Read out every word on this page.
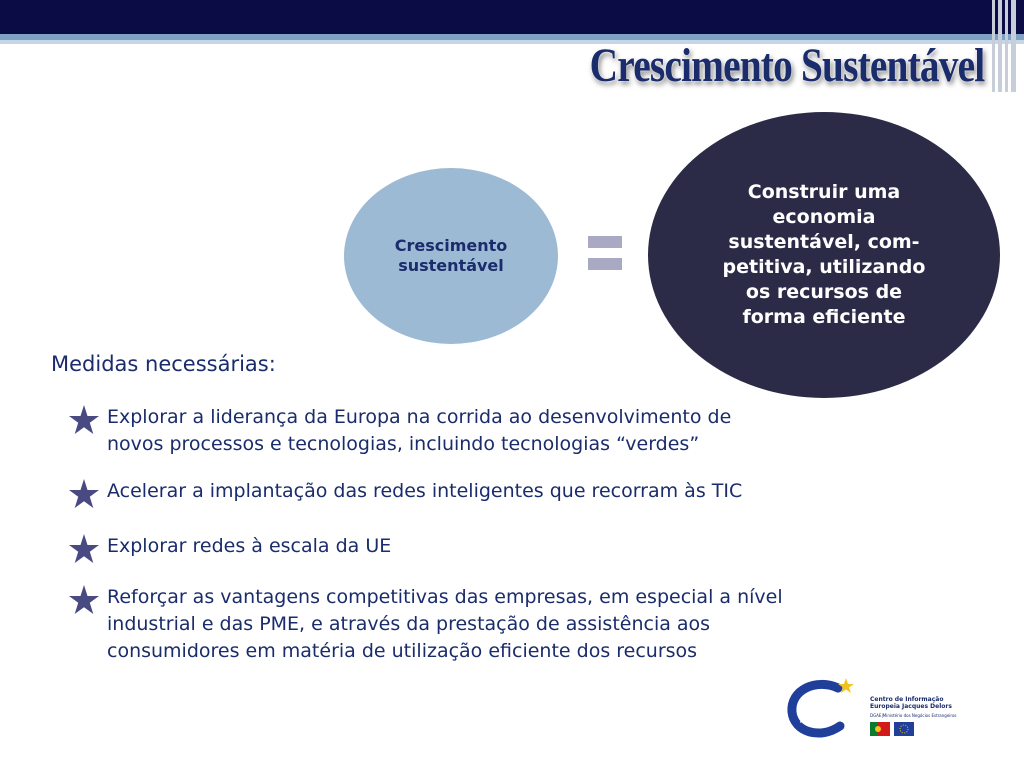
Crescimento Sustentável
Crescimento
sustentável
Construir uma
economia
sustentável, com-
petitiva, utilizando
os recursos de
forma eficiente
Medidas necessárias:
Explorar a liderança da Europa na corrida ao desenvolvimento de
novos processos e tecnologias, incluindo tecnologias “verdes”
Acelerar a implantação das redes inteligentes que recorram às TIC
Explorar redes à escala da UE
Reforçar as vantagens competitivas das empresas, em especial a nível
industrial e das PME, e através da prestação de assistência aos
consumidores em matéria de utilização eficiente dos recursos
Centro de Informação
Europeia Jacques Delors
DGAE|Ministério dos Negócios Estrangeiros
